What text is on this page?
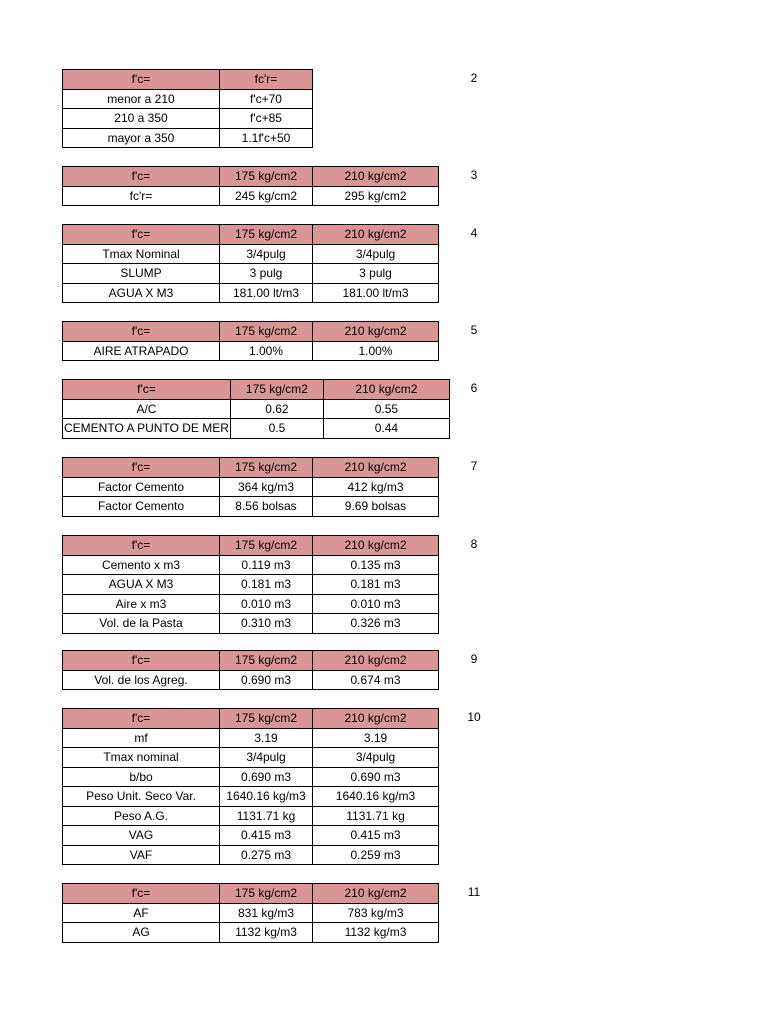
2
f'c=	fc'r=
menor a 210	f'c+70
210 a 350	f'c+85
mayor a 350	1.1f'c+50
3
f'c=	175 kg/cm2	210 kg/cm2
fc'r=	245 kg/cm2	295 kg/cm2
4
f'c=	175 kg/cm2	210 kg/cm2
Tmax Nominal	3/4pulg	3/4pulg
SLUMP	3 pulg	3 pulg
AGUA X M3	181.00 lt/m3	181.00 lt/m3
5
f'c=	175 kg/cm2	210 kg/cm2
AIRE ATRAPADO	1.00%	1.00%
6
f'c=	175 kg/cm2	210 kg/cm2
A/C	0.62	0.55
CEMENTO A PUNTO DE MER	0.5	0.44
7
f'c=	175 kg/cm2	210 kg/cm2
Factor Cemento	364 kg/m3	412 kg/m3
Factor Cemento	8.56 bolsas	9.69 bolsas
8
f'c=	175 kg/cm2	210 kg/cm2
Cemento x m3	0.119 m3	0.135 m3
AGUA X M3	0.181 m3	0.181 m3
Aire x m3	0.010 m3	0.010 m3
Vol. de la Pasta	0.310 m3	0.326 m3
9
f'c=	175 kg/cm2	210 kg/cm2
Vol. de los Agreg.	0.690 m3	0.674 m3
10
f'c=	175 kg/cm2	210 kg/cm2
mf	3.19	3.19
Tmax nominal	3/4pulg	3/4pulg
b/bo	0.690 m3	0.690 m3
Peso Unit. Seco Var.	1640.16 kg/m3	1640.16 kg/m3
Peso A.G.	1131.71 kg	1131.71 kg
VAG	0.415 m3	0.415 m3
VAF	0.275 m3	0.259 m3
11
f'c=	175 kg/cm2	210 kg/cm2
AF	831 kg/m3	783 kg/m3
AG	1132 kg/m3	1132 kg/m3
